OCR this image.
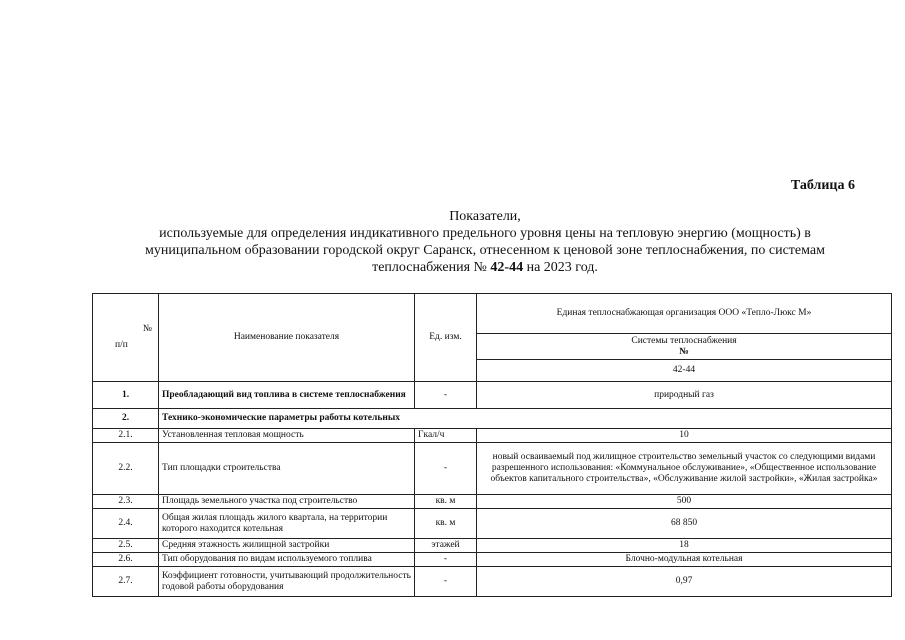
Таблица 6
Показатели,
используемые для определения индикативного предельного уровня цены на тепловую энергию (мощность) в
муниципальном образовании городской округ Саранск, отнесенном к ценовой зоне теплоснабжения, по системам
теплоснабжения № 42-44 на 2023 год.
№
п/п	Наименование показателя	Ед. изм.	Единая теплоснабжающая организация ООО «Тепло-Люкс М»

			Системы теплоснабжения
№

			42-44
1.	Преобладающий вид топлива в системе теплоснабжения	-	природный газ
2.	Технико-экономические параметры работы котельных		
2.1.	Установленная тепловая мощность	Гкал/ч	10
2.2.	Тип площадки строительства	-	новый осваиваемый под жилищное строительство земельный участок со следующими видами разрешенного использования: «Коммунальное обслуживание», «Общественное использование объектов капитального строительства», «Обслуживание жилой застройки», «Жилая застройка»
2.3.	Площадь земельного участка под строительство	кв. м	500
2.4.	Общая жилая площадь жилого квартала, на территории которого находится котельная	кв. м	68 850
2.5.	Средняя этажность жилищной застройки	этажей	18
2.6.	Тип оборудования по видам используемого топлива	-	Блочно-модульная котельная
2.7.	Коэффициент готовности, учитывающий продолжительность годовой работы оборудования	-	0,97
